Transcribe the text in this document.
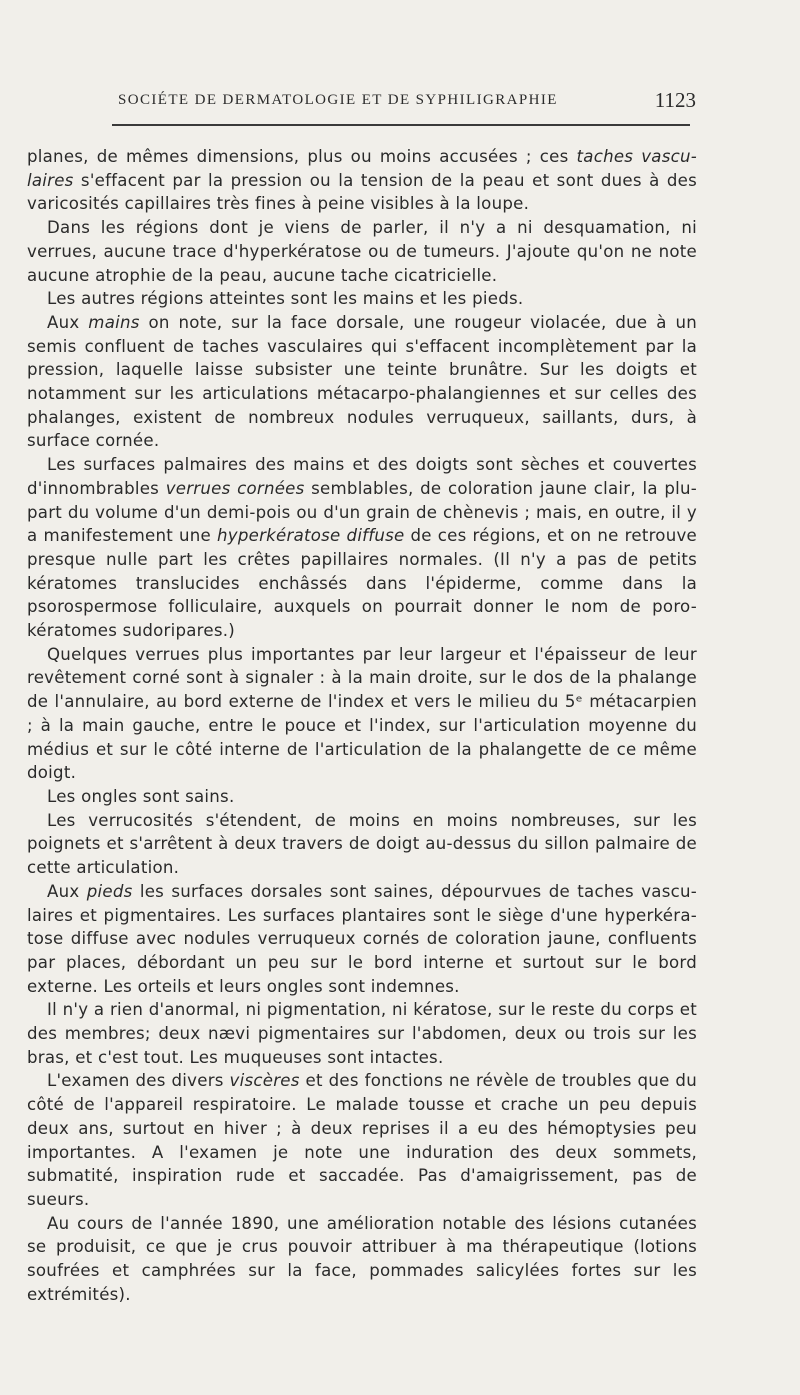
SOCIÉTE DE DERMATOLOGIE ET DE SYPHILIGRAPHIE	1123

planes, de mêmes dimensions, plus ou moins accusées ; ces taches vascu-laires s'effacent par la pression ou la tension de la peau et sont dues à des varicosités capillaires très fines à peine visibles à la loupe.

Dans les régions dont je viens de parler, il n'y a ni desquamation, ni verrues, aucune trace d'hyperkératose ou de tumeurs. J'ajoute qu'on ne note aucune atrophie de la peau, aucune tache cicatricielle.

Les autres régions atteintes sont les mains et les pieds.

Aux mains on note, sur la face dorsale, une rougeur violacée, due à un semis confluent de taches vasculaires qui s'effacent incomplètement par la pression, laquelle laisse subsister une teinte brunâtre. Sur les doigts et notamment sur les articulations métacarpo-phalangiennes et sur celles des phalanges, existent de nombreux nodules verruqueux, saillants, durs, à surface cornée.

Les surfaces palmaires des mains et des doigts sont sèches et couvertes d'innombrables verrues cornées semblables, de coloration jaune clair, la plu-part du volume d'un demi-pois ou d'un grain de chènevis ; mais, en outre, il y a manifestement une hyperkératose diffuse de ces régions, et on ne retrouve presque nulle part les crêtes papillaires normales. (Il n'y a pas de petits kératomes translucides enchâssés dans l'épiderme, comme dans la psorospermose folliculaire, auxquels on pourrait donner le nom de poro-kératomes sudoripares.)

Quelques verrues plus importantes par leur largeur et l'épaisseur de leur revêtement corné sont à signaler : à la main droite, sur le dos de la phalange de l'annulaire, au bord externe de l'index et vers le milieu du 5ᵉ métacarpien ; à la main gauche, entre le pouce et l'index, sur l'articulation moyenne du médius et sur le côté interne de l'articulation de la phalangette de ce même doigt.

Les ongles sont sains.

Les verrucosités s'étendent, de moins en moins nombreuses, sur les poignets et s'arrêtent à deux travers de doigt au-dessus du sillon palmaire de cette articulation.

Aux pieds les surfaces dorsales sont saines, dépourvues de taches vascu-laires et pigmentaires. Les surfaces plantaires sont le siège d'une hyperkéra-tose diffuse avec nodules verruqueux cornés de coloration jaune, confluents par places, débordant un peu sur le bord interne et surtout sur le bord externe. Les orteils et leurs ongles sont indemnes.

Il n'y a rien d'anormal, ni pigmentation, ni kératose, sur le reste du corps et des membres; deux nævi pigmentaires sur l'abdomen, deux ou trois sur les bras, et c'est tout. Les muqueuses sont intactes.

L'examen des divers viscères et des fonctions ne révèle de troubles que du côté de l'appareil respiratoire. Le malade tousse et crache un peu depuis deux ans, surtout en hiver ; à deux reprises il a eu des hémoptysies peu importantes. A l'examen je note une induration des deux sommets, submatité, inspiration rude et saccadée. Pas d'amaigrissement, pas de sueurs.

Au cours de l'année 1890, une amélioration notable des lésions cutanées se produisit, ce que je crus pouvoir attribuer à ma thérapeutique (lotions soufrées et camphrées sur la face, pommades salicylées fortes sur les extrémités).
